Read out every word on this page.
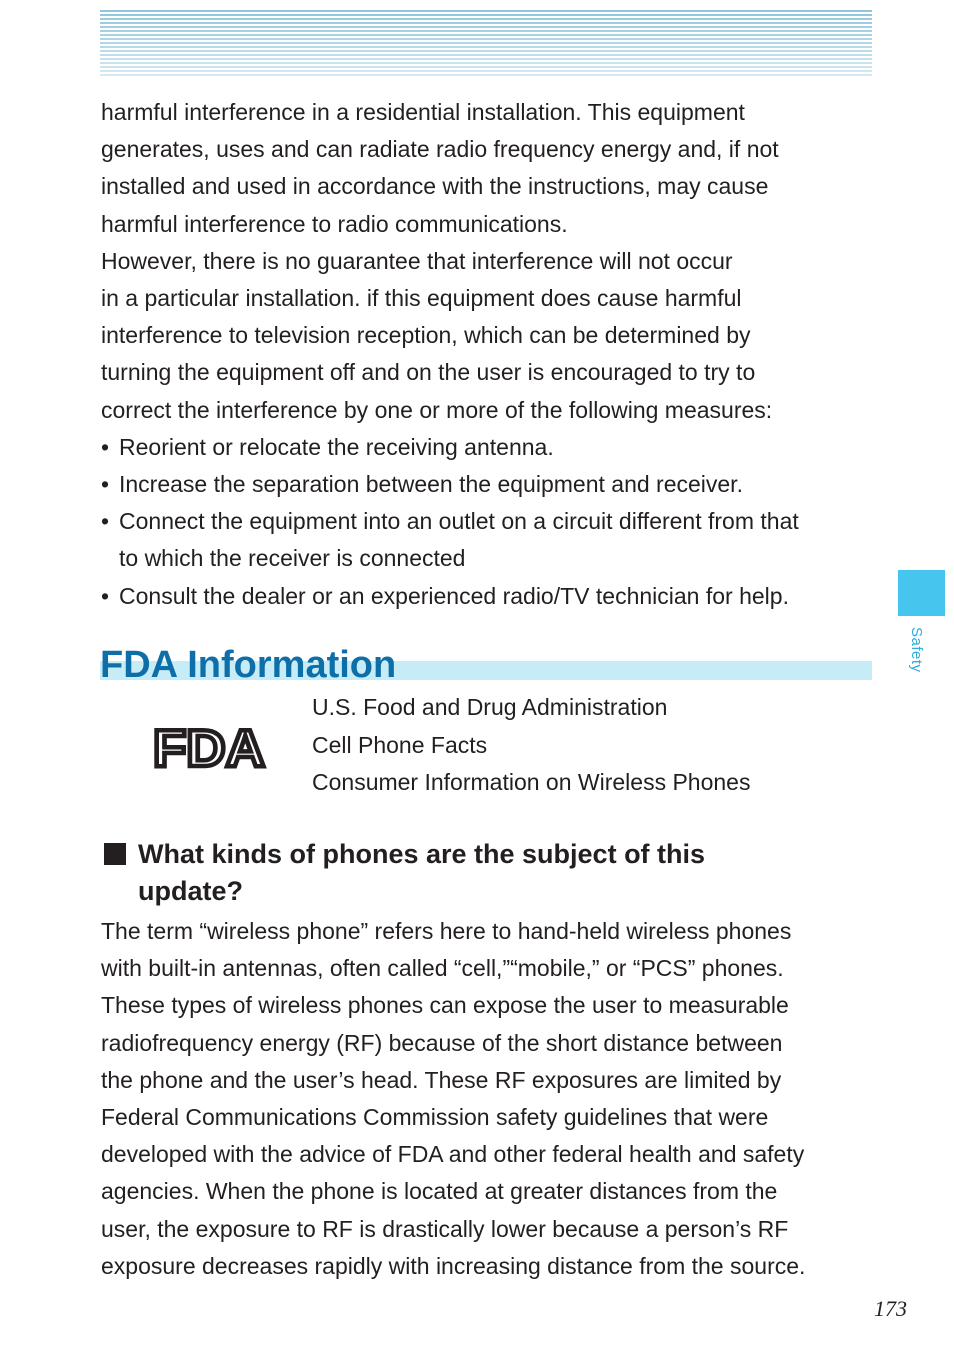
harmful interference in a residential installation. This equipment
generates, uses and can radiate radio frequency energy and, if not
installed and used in accordance with the instructions, may cause
harmful interference to radio communications.
However, there is no guarantee that interference will not occur
in a particular installation. if this equipment does cause harmful
interference to television reception, which can be determined by
turning the equipment off and on the user is encouraged to try to
correct the interference by one or more of the following measures:
• Reorient or relocate the receiving antenna.
• Increase the separation between the equipment and receiver.
• Connect the equipment into an outlet on a circuit different from that
to which the receiver is connected
• Consult the dealer or an experienced radio/TV technician for help.
FDA Information
FDA
U.S. Food and Drug Administration
Cell Phone Facts
Consumer Information on Wireless Phones
What kinds of phones are the subject of this
update?
The term “wireless phone” refers here to hand-held wireless phones
with built-in antennas, often called “cell,”“mobile,” or “PCS” phones.
These types of wireless phones can expose the user to measurable
radiofrequency energy (RF) because of the short distance between
the phone and the user’s head. These RF exposures are limited by
Federal Communications Commission safety guidelines that were
developed with the advice of FDA and other federal health and safety
agencies. When the phone is located at greater distances from the
user, the exposure to RF is drastically lower because a person’s RF
exposure decreases rapidly with increasing distance from the source.
Safety
173
